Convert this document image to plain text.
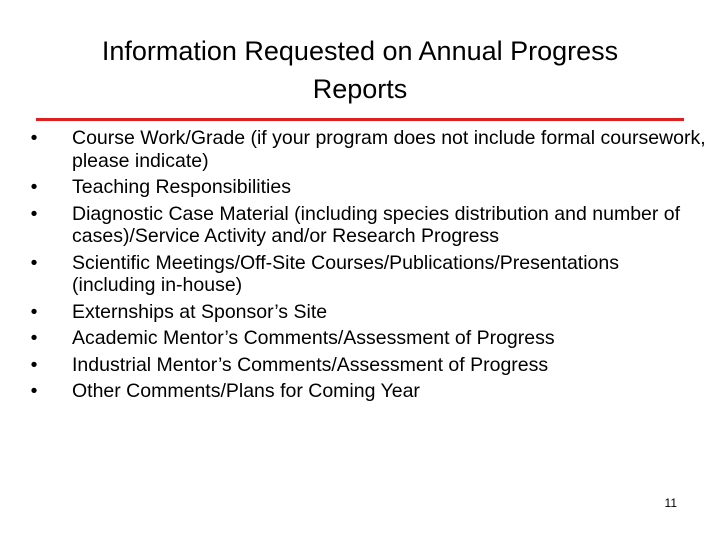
Information Requested on Annual Progress
Reports
• Course Work/Grade (if your program does not include formal coursework, please indicate)
• Teaching Responsibilities
• Diagnostic Case Material (including species distribution and number of cases)/Service Activity and/or Research Progress
• Scientific Meetings/Off-Site Courses/Publications/Presentations (including in-house)
• Externships at Sponsor’s Site
• Academic Mentor’s Comments/Assessment of Progress
• Industrial Mentor’s Comments/Assessment of Progress
• Other Comments/Plans for Coming Year
11
